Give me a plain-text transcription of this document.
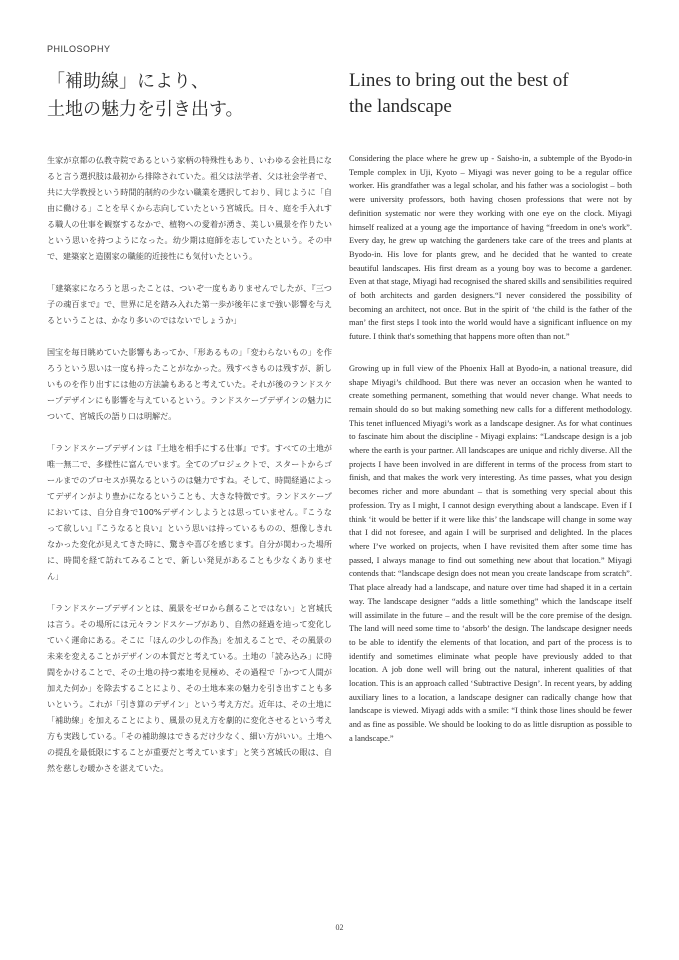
PHILOSOPHY
「補助線」により、
土地の魅力を引き出す。
Lines to bring out the best of
the landscape

生家が京都の仏教寺院であるという家柄の特殊性もあり、いわゆる会社員になると言う選択肢は最初から排除されていた。祖父は法学者、父は社会学者で、共に大学教授という時間的制約の少ない職業を選択しており、同じように「自由に働ける」ことを早くから志向していたという宮城氏。日々、庭を手入れする職人の仕事を観察するなかで、植物への愛着が湧き、美しい風景を作りたいという思いを持つようになった。幼少期は庭師を志していたという。その中で、建築家と造園家の職能的近接性にも気付いたという。

「建築家になろうと思ったことは、ついぞ一度もありませんでしたが、『三つ子の魂百まで』で、世界に足を踏み入れた第一歩が後年にまで強い影響を与えるということは、かなり多いのではないでしょうか」

国宝を毎日眺めていた影響もあってか、「形あるもの」「変わらないもの」を作ろうという思いは一度も持ったことがなかった。残すべきものは残すが、新しいものを作り出すには他の方法論もあると考えていた。それが後のランドスケープデザインにも影響を与えているという。ランドスケープデザインの魅力について、宮城氏の語り口は明解だ。

「ランドスケープデザインは『土地を相手にする仕事』です。すべての土地が唯一無二で、多様性に富んでいます。全てのプロジェクトで、スタートからゴールまでのプロセスが異なるというのは魅力ですね。そして、時間経過によってデザインがより豊かになるということも、大きな特徴です。ランドスケープにおいては、自分自身で100%デザインしようとは思っていません。『こうなって欲しい』『こうなると良い』という思いは持っているものの、想像しきれなかった変化が見えてきた時に、驚きや喜びを感じます。自分が関わった場所に、時間を経て訪れてみることで、新しい発見があることも少なくありません」

「ランドスケープデザインとは、風景をゼロから創ることではない」と宮城氏は言う。その場所には元々ランドスケープがあり、自然の経過を辿って変化していく運命にある。そこに「ほんの少しの作為」を加えることで、その風景の未来を変えることがデザインの本質だと考えている。土地の「読み込み」に時間をかけることで、その土地の持つ素地を見極め、その過程で「かつて人間が加えた何か」を除去することにより、その土地本来の魅力を引き出すことも多いという。これが「引き算のデザイン」という考え方だ。近年は、その土地に「補助線」を加えることにより、風景の見え方を劇的に変化させるという考え方も実践している。「その補助線はできるだけ少なく、細い方がいい。土地への提乱を最低限にすることが重要だと考えています」と笑う宮城氏の眼は、自然を慈しむ暖かさを湛えていた。

Considering the place where he grew up - Saisho-in, a subtemple of the Byodo-in Temple complex in Uji, Kyoto – Miyagi was never going to be a regular office worker. His grandfather was a legal scholar, and his father was a sociologist – both were university professors, both having chosen professions that were not by definition systematic nor were they working with one eye on the clock. Miyagi himself realized at a young age the importance of having “freedom in one's work”. Every day, he grew up watching the gardeners take care of the trees and plants at Byodo-in. His love for plants grew, and he decided that he wanted to create beautiful landscapes. His first dream as a young boy was to become a gardener. Even at that stage, Miyagi had recognised the shared skills and sensibilities required of both architects and garden designers.“I never considered the possibility of becoming an architect, not once. But in the spirit of ‘the child is the father of the man’ the first steps I took into the world would have a significant influence on my future. I think that's something that happens more often than not.”

Growing up in full view of the Phoenix Hall at Byodo-in, a national treasure, did shape Miyagi’s childhood. But there was never an occasion when he wanted to create something permanent, something that would never change. What needs to remain should do so but making something new calls for a different methodology. This tenet influenced Miyagi’s work as a landscape designer. As for what continues to fascinate him about the discipline - Miyagi explains: “Landscape design is a job where the earth is your partner. All landscapes are unique and richly diverse. All the projects I have been involved in are different in terms of the process from start to finish, and that makes the work very interesting. As time passes, what you design becomes richer and more abundant – that is something very special about this profession. Try as I might, I cannot design everything about a landscape. Even if I think ‘it would be better if it were like this’ the landscape will change in some way that I did not foresee, and again I will be surprised and delighted. In the places where I’ve worked on projects, when I have revisited them after some time has passed, I always manage to find out something new about that location.” Miyagi contends that: “landscape design does not mean you create landscape from scratch”. That place already had a landscape, and nature over time had shaped it in a certain way. The landscape designer “adds a little something” which the landscape itself will assimilate in the future – and the result will be the core premise of the design. The land will need some time to ‘absorb’ the design. The landscape designer needs to be able to identify the elements of that location, and part of the process is to identify and sometimes eliminate what people have previously added to that location. A job done well will bring out the natural, inherent qualities of that location. This is an approach called ‘Subtractive Design’. In recent years, by adding auxiliary lines to a location, a landscape designer can radically change how that landscape is viewed. Miyagi adds with a smile: “I think those lines should be fewer and as fine as possible. We should be looking to do as little disruption as possible to a landscape.”

02
